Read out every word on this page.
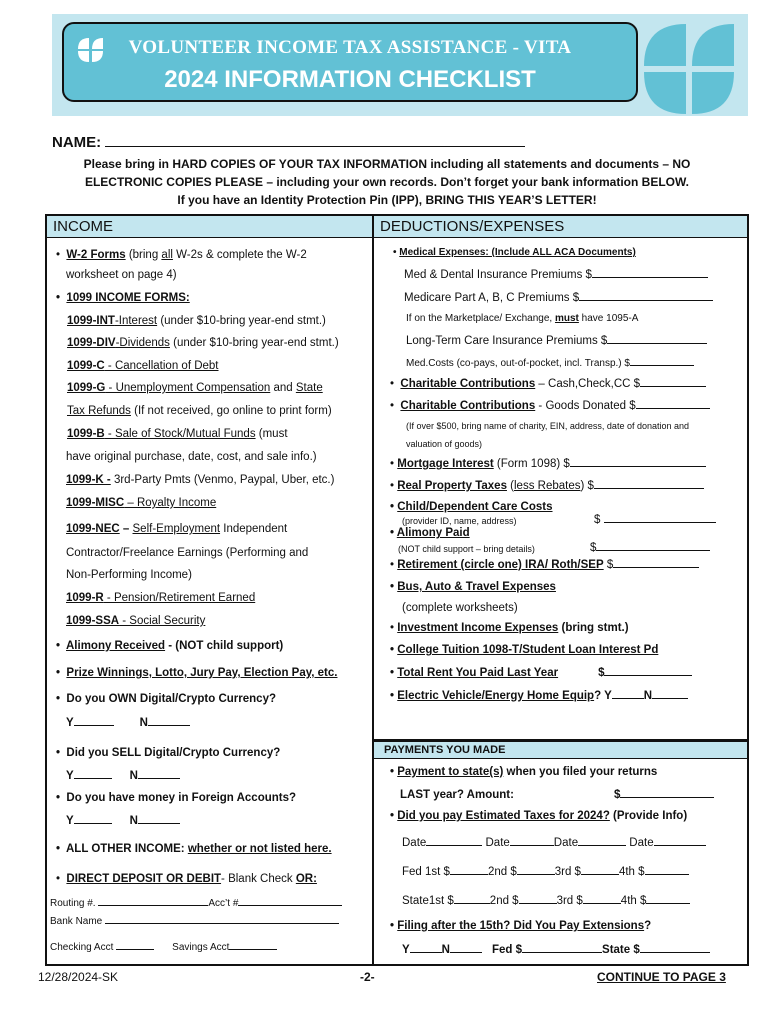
VOLUNTEER INCOME TAX ASSISTANCE - VITA
2024 INFORMATION CHECKLIST
NAME:
Please bring in HARD COPIES OF YOUR TAX INFORMATION including all statements and documents – NO
ELECTRONIC COPIES PLEASE – including your own records. Don’t forget your bank information BELOW.
If you have an Identity Protection Pin (IPP), BRING THIS YEAR’S LETTER!
INCOME	DEDUCTIONS/EXPENSES
PAYMENTS YOU MADE
•  W-2 Forms (bring all W-2s & complete the W-2
worksheet on page 4)
•  1099 INCOME FORMS:
1099-INT-Interest (under $10-bring year-end stmt.)
1099-DIV-Dividends (under $10-bring year-end stmt.)
1099-C - Cancellation of Debt
1099-G - Unemployment Compensation and State
Tax Refunds (If not received, go online to print form)
1099-B - Sale of Stock/Mutual Funds (must
have original purchase, date, cost, and sale info.)
1099-K - 3rd-Party Pmts (Venmo, Paypal, Uber, etc.)
1099-MISC – Royalty Income
1099-NEC – Self-Employment Independent
Contractor/Freelance Earnings (Performing and
Non-Performing Income)
1099-R - Pension/Retirement Earned
1099-SSA - Social Security
•  Alimony Received - (NOT child support)
•  Prize Winnings, Lotto, Jury Pay, Election Pay, etc.
•  Do you OWN Digital/Crypto Currency?
Y	N
•  Did you SELL Digital/Crypto Currency?
Y	N
•  Do you have money in Foreign Accounts?
Y	N
•  ALL OTHER INCOME: whether or not listed here.
•  DIRECT DEPOSIT OR DEBIT- Blank Check OR:
Routing #.	Acc’t #
Bank Name
Checking Acct	Savings Acct
• Medical Expenses: (Include ALL ACA Documents)
Med & Dental Insurance Premiums $
Medicare Part A, B, C Premiums $
If on the Marketplace/ Exchange, must have 1095-A
Long-Term Care Insurance Premiums $
Med.Costs (co-pays, out-of-pocket, incl. Transp.) $
•  Charitable Contributions – Cash,Check,CC $
•  Charitable Contributions - Goods Donated $
(If over $500, bring name of charity, EIN, address, date of donation and
valuation of goods)
• Mortgage Interest (Form 1098) $
• Real Property Taxes (less Rebates) $
• Child/Dependent Care Costs
(provider ID, name, address)	$
• Alimony Paid
(NOT child support – bring details)	$
• Retirement (circle one) IRA/ Roth/SEP $
• Bus, Auto & Travel Expenses
(complete worksheets)
• Investment Income Expenses (bring stmt.)
• College Tuition 1098-T/Student Loan Interest Pd
• Total Rent You Paid Last Year	$
• Electric Vehicle/Energy Home Equip? Y	N
• Payment to state(s) when you filed your returns
LAST year? Amount:	$
• Did you pay Estimated Taxes for 2024? (Provide Info)
Date	Date	Date	Date
Fed 1st $	2nd $	3rd $	4th $
State1st $	2nd $	3rd $	4th $
• Filing after the 15th? Did You Pay Extensions?
Y	N	Fed $	State $
12/28/2024-SK	-2-	CONTINUE TO PAGE 3
